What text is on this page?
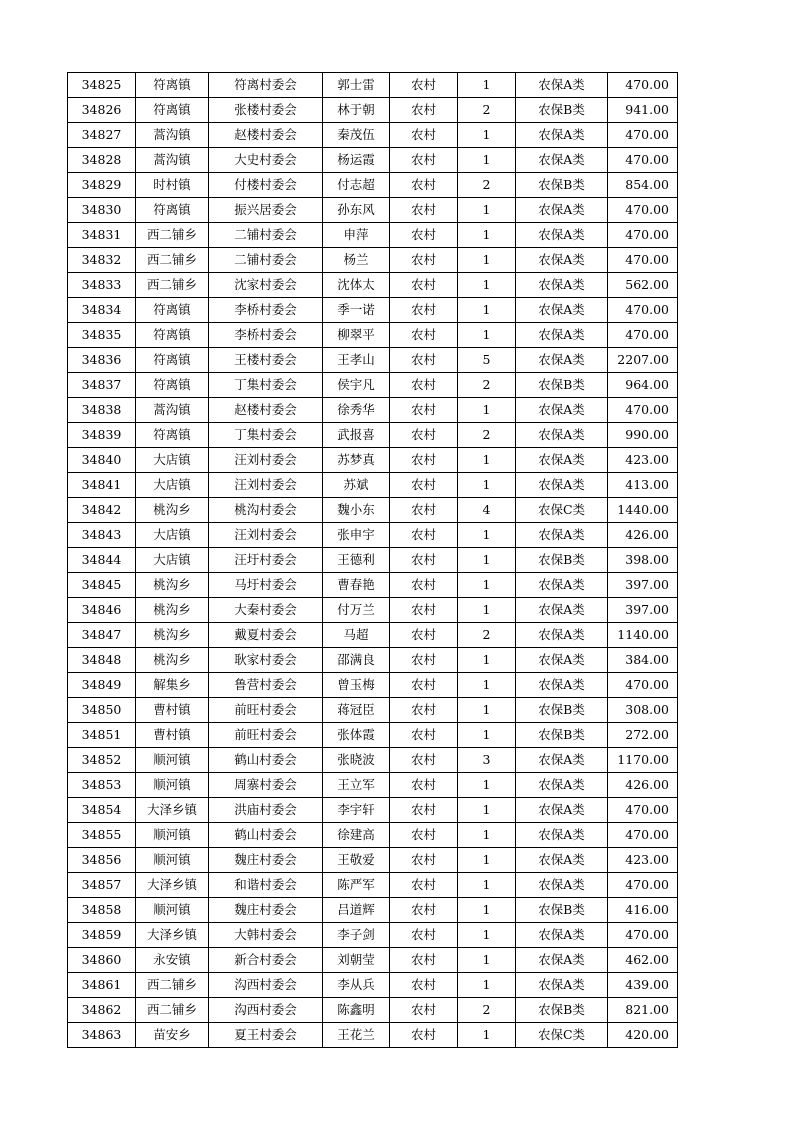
34825	符离镇	符离村委会	郭士雷	农村	1	农保A类	470.00
34826	符离镇	张楼村委会	林于朝	农村	2	农保B类	941.00
34827	蒿沟镇	赵楼村委会	秦茂伍	农村	1	农保A类	470.00
34828	蒿沟镇	大史村委会	杨运霞	农村	1	农保A类	470.00
34829	时村镇	付楼村委会	付志超	农村	2	农保B类	854.00
34830	符离镇	振兴居委会	孙东风	农村	1	农保A类	470.00
34831	西二铺乡	二铺村委会	申萍	农村	1	农保A类	470.00
34832	西二铺乡	二铺村委会	杨兰	农村	1	农保A类	470.00
34833	西二铺乡	沈家村委会	沈体太	农村	1	农保A类	562.00
34834	符离镇	李桥村委会	季一诺	农村	1	农保A类	470.00
34835	符离镇	李桥村委会	柳翠平	农村	1	农保A类	470.00
34836	符离镇	王楼村委会	王孝山	农村	5	农保A类	2207.00
34837	符离镇	丁集村委会	侯宇凡	农村	2	农保B类	964.00
34838	蒿沟镇	赵楼村委会	徐秀华	农村	1	农保A类	470.00
34839	符离镇	丁集村委会	武报喜	农村	2	农保A类	990.00
34840	大店镇	汪刘村委会	苏梦真	农村	1	农保A类	423.00
34841	大店镇	汪刘村委会	苏斌	农村	1	农保A类	413.00
34842	桃沟乡	桃沟村委会	魏小东	农村	4	农保C类	1440.00
34843	大店镇	汪刘村委会	张申宇	农村	1	农保A类	426.00
34844	大店镇	汪圩村委会	王德利	农村	1	农保B类	398.00
34845	桃沟乡	马圩村委会	曹春艳	农村	1	农保A类	397.00
34846	桃沟乡	大秦村委会	付万兰	农村	1	农保A类	397.00
34847	桃沟乡	戴夏村委会	马超	农村	2	农保A类	1140.00
34848	桃沟乡	耿家村委会	邵满良	农村	1	农保A类	384.00
34849	解集乡	鲁营村委会	曾玉梅	农村	1	农保A类	470.00
34850	曹村镇	前旺村委会	蒋冠臣	农村	1	农保B类	308.00
34851	曹村镇	前旺村委会	张体霞	农村	1	农保B类	272.00
34852	顺河镇	鹤山村委会	张晓波	农村	3	农保A类	1170.00
34853	顺河镇	周寨村委会	王立军	农村	1	农保A类	426.00
34854	大泽乡镇	洪庙村委会	李宇轩	农村	1	农保A类	470.00
34855	顺河镇	鹤山村委会	徐建高	农村	1	农保A类	470.00
34856	顺河镇	魏庄村委会	王敬爱	农村	1	农保A类	423.00
34857	大泽乡镇	和谐村委会	陈严军	农村	1	农保A类	470.00
34858	顺河镇	魏庄村委会	吕道辉	农村	1	农保B类	416.00
34859	大泽乡镇	大韩村委会	李子剑	农村	1	农保A类	470.00
34860	永安镇	新合村委会	刘朝莹	农村	1	农保A类	462.00
34861	西二铺乡	沟西村委会	李从兵	农村	1	农保A类	439.00
34862	西二铺乡	沟西村委会	陈鑫明	农村	2	农保B类	821.00
34863	苗安乡	夏王村委会	王花兰	农村	1	农保C类	420.00
